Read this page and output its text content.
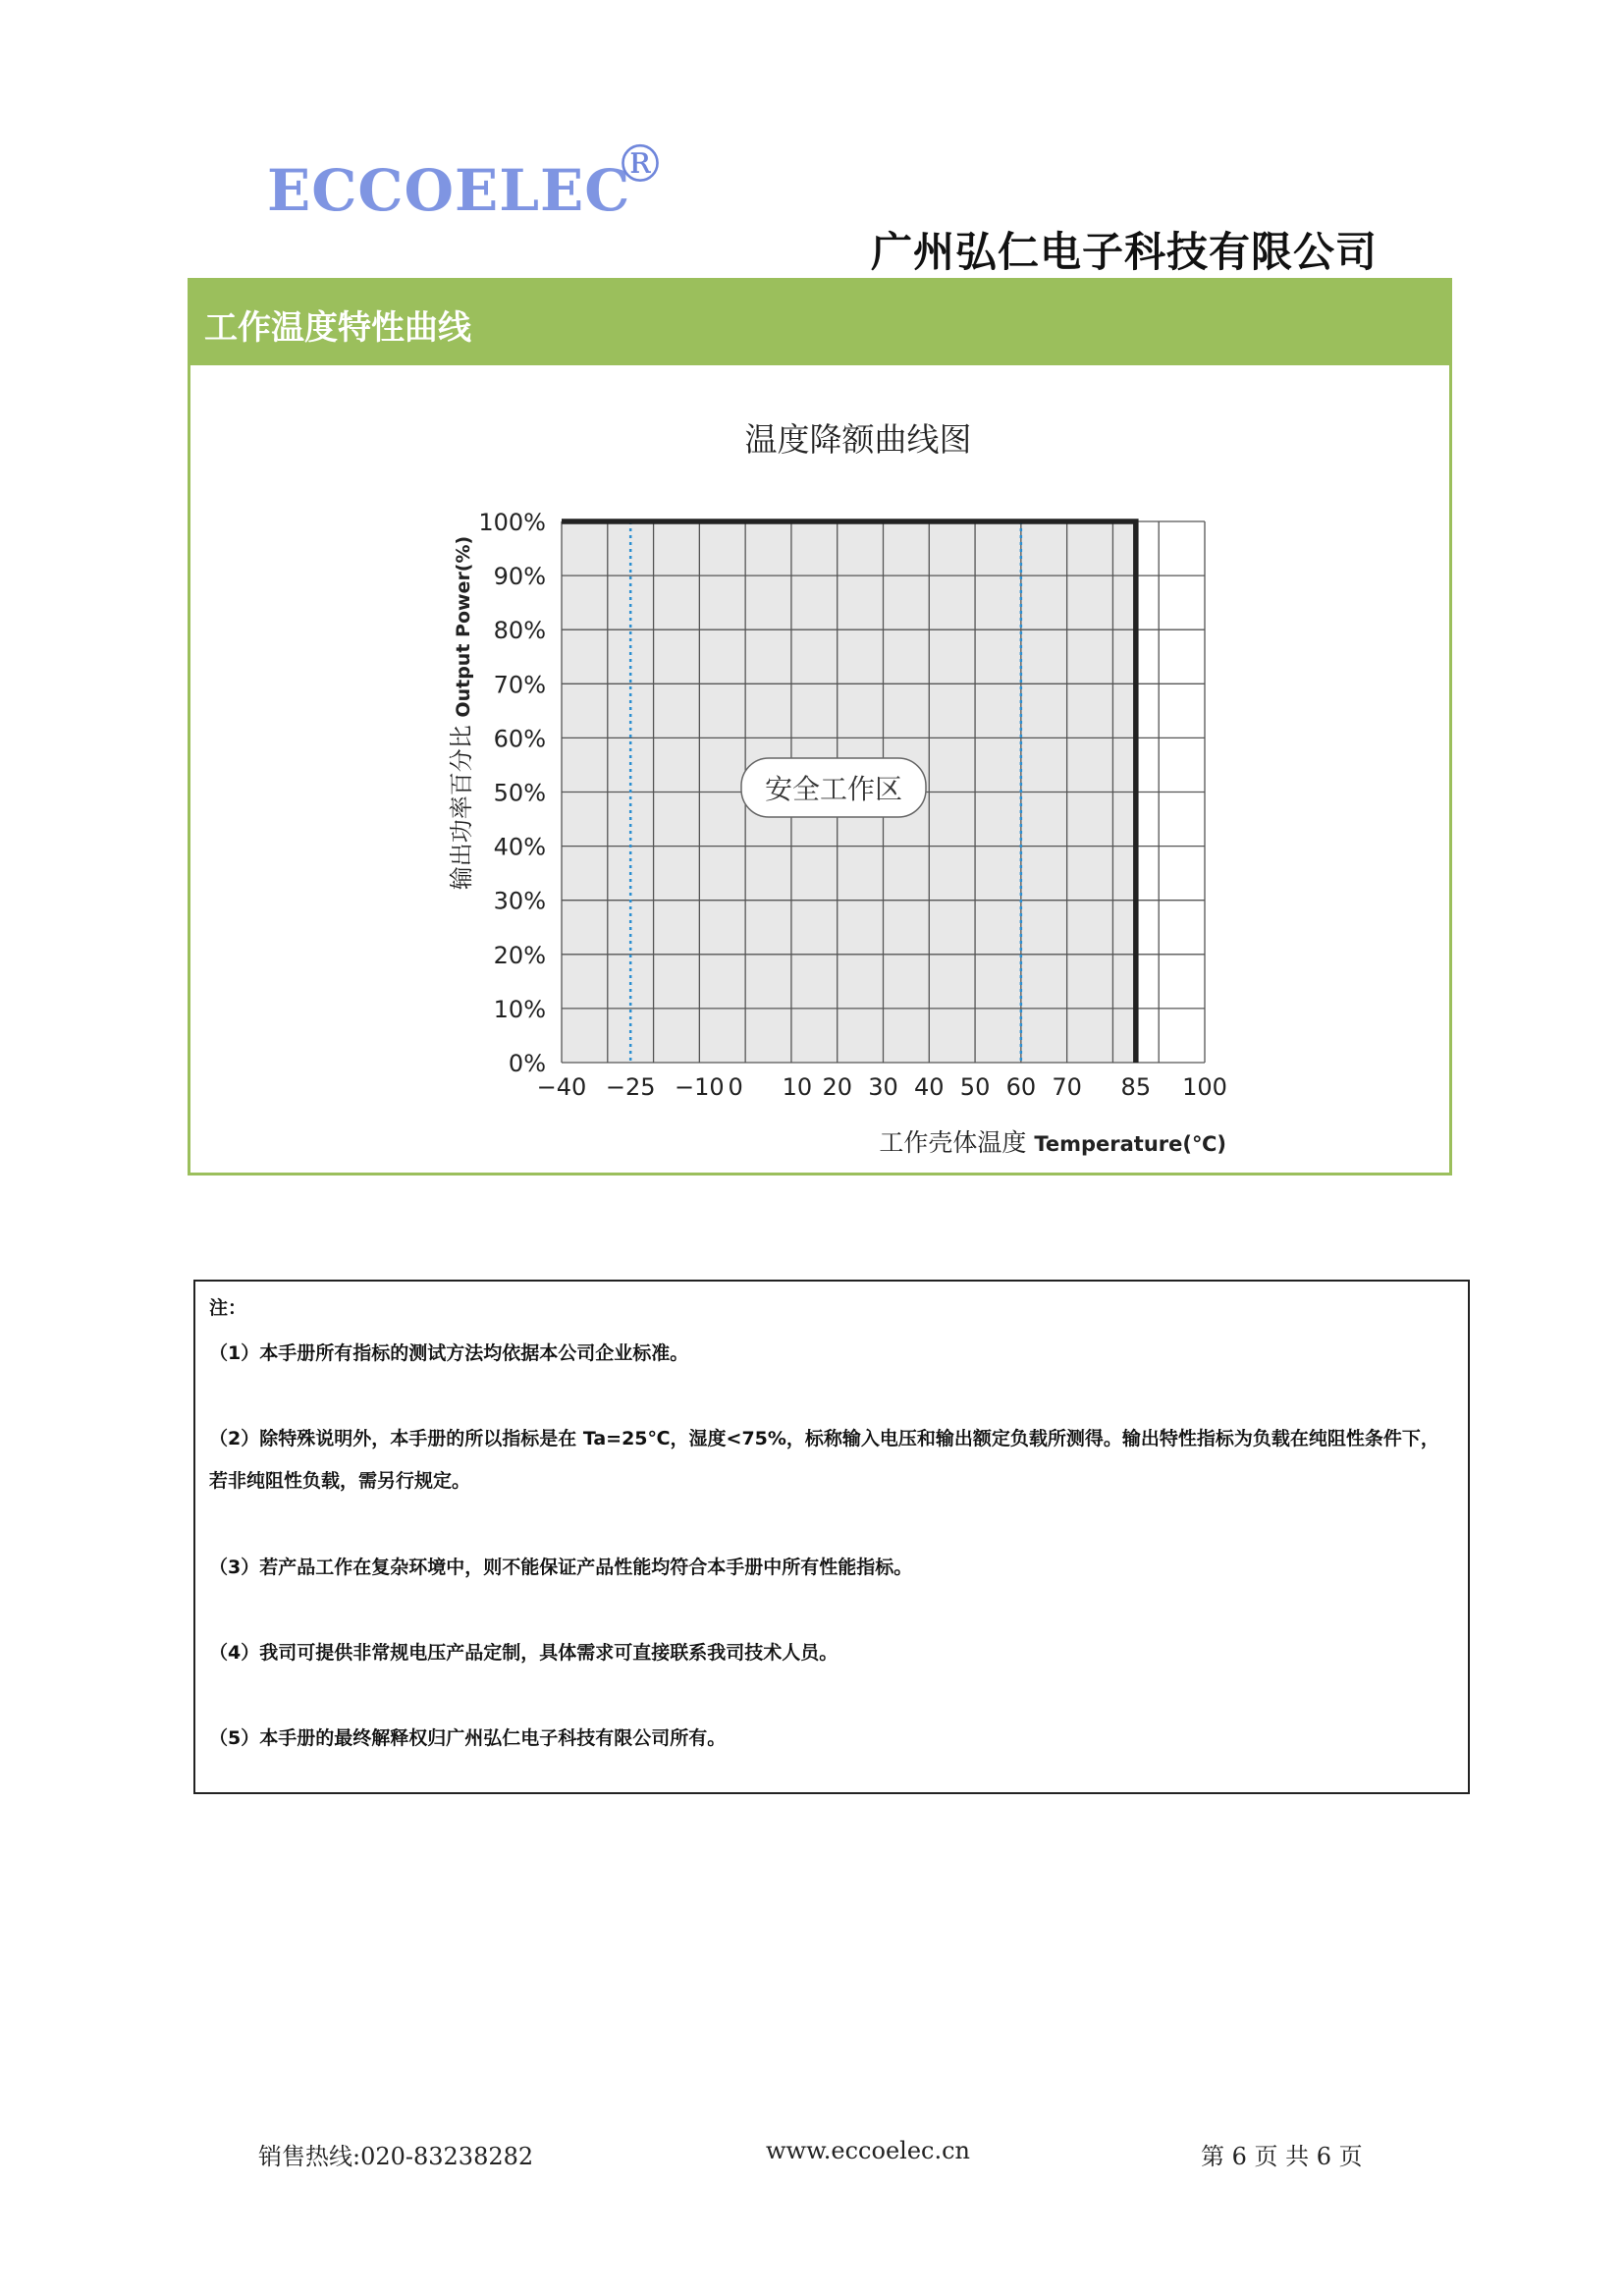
ECCOELEC
®
广州弘仁电子科技有限公司
工作温度特性曲线
温度降额曲线图
0%
10%
20%
30%
40%
50%
60%
70%
80%
90%
100%
−40 −25 −10 0 10 20 30 40 50 60 70 85 100
工作壳体温度 Temperature(℃)
输出功率百分比 Output Power(%)
安全工作区
注：
（1）本手册所有指标的测试方法均依据本公司企业标准。
（2）除特殊说明外，本手册的所以指标是在 Ta=25℃，湿度<75%，标称输入电压和输出额定负载所测得。输出特性指标为负载在纯阻性条件下，若非纯阻性负载，需另行规定。
（3）若产品工作在复杂环境中，则不能保证产品性能均符合本手册中所有性能指标。
（4）我司可提供非常规电压产品定制，具体需求可直接联系我司技术人员。
（5）本手册的最终解释权归广州弘仁电子科技有限公司所有。
销售热线:020-83238282	www.eccoelec.cn	第 6 页 共 6 页
